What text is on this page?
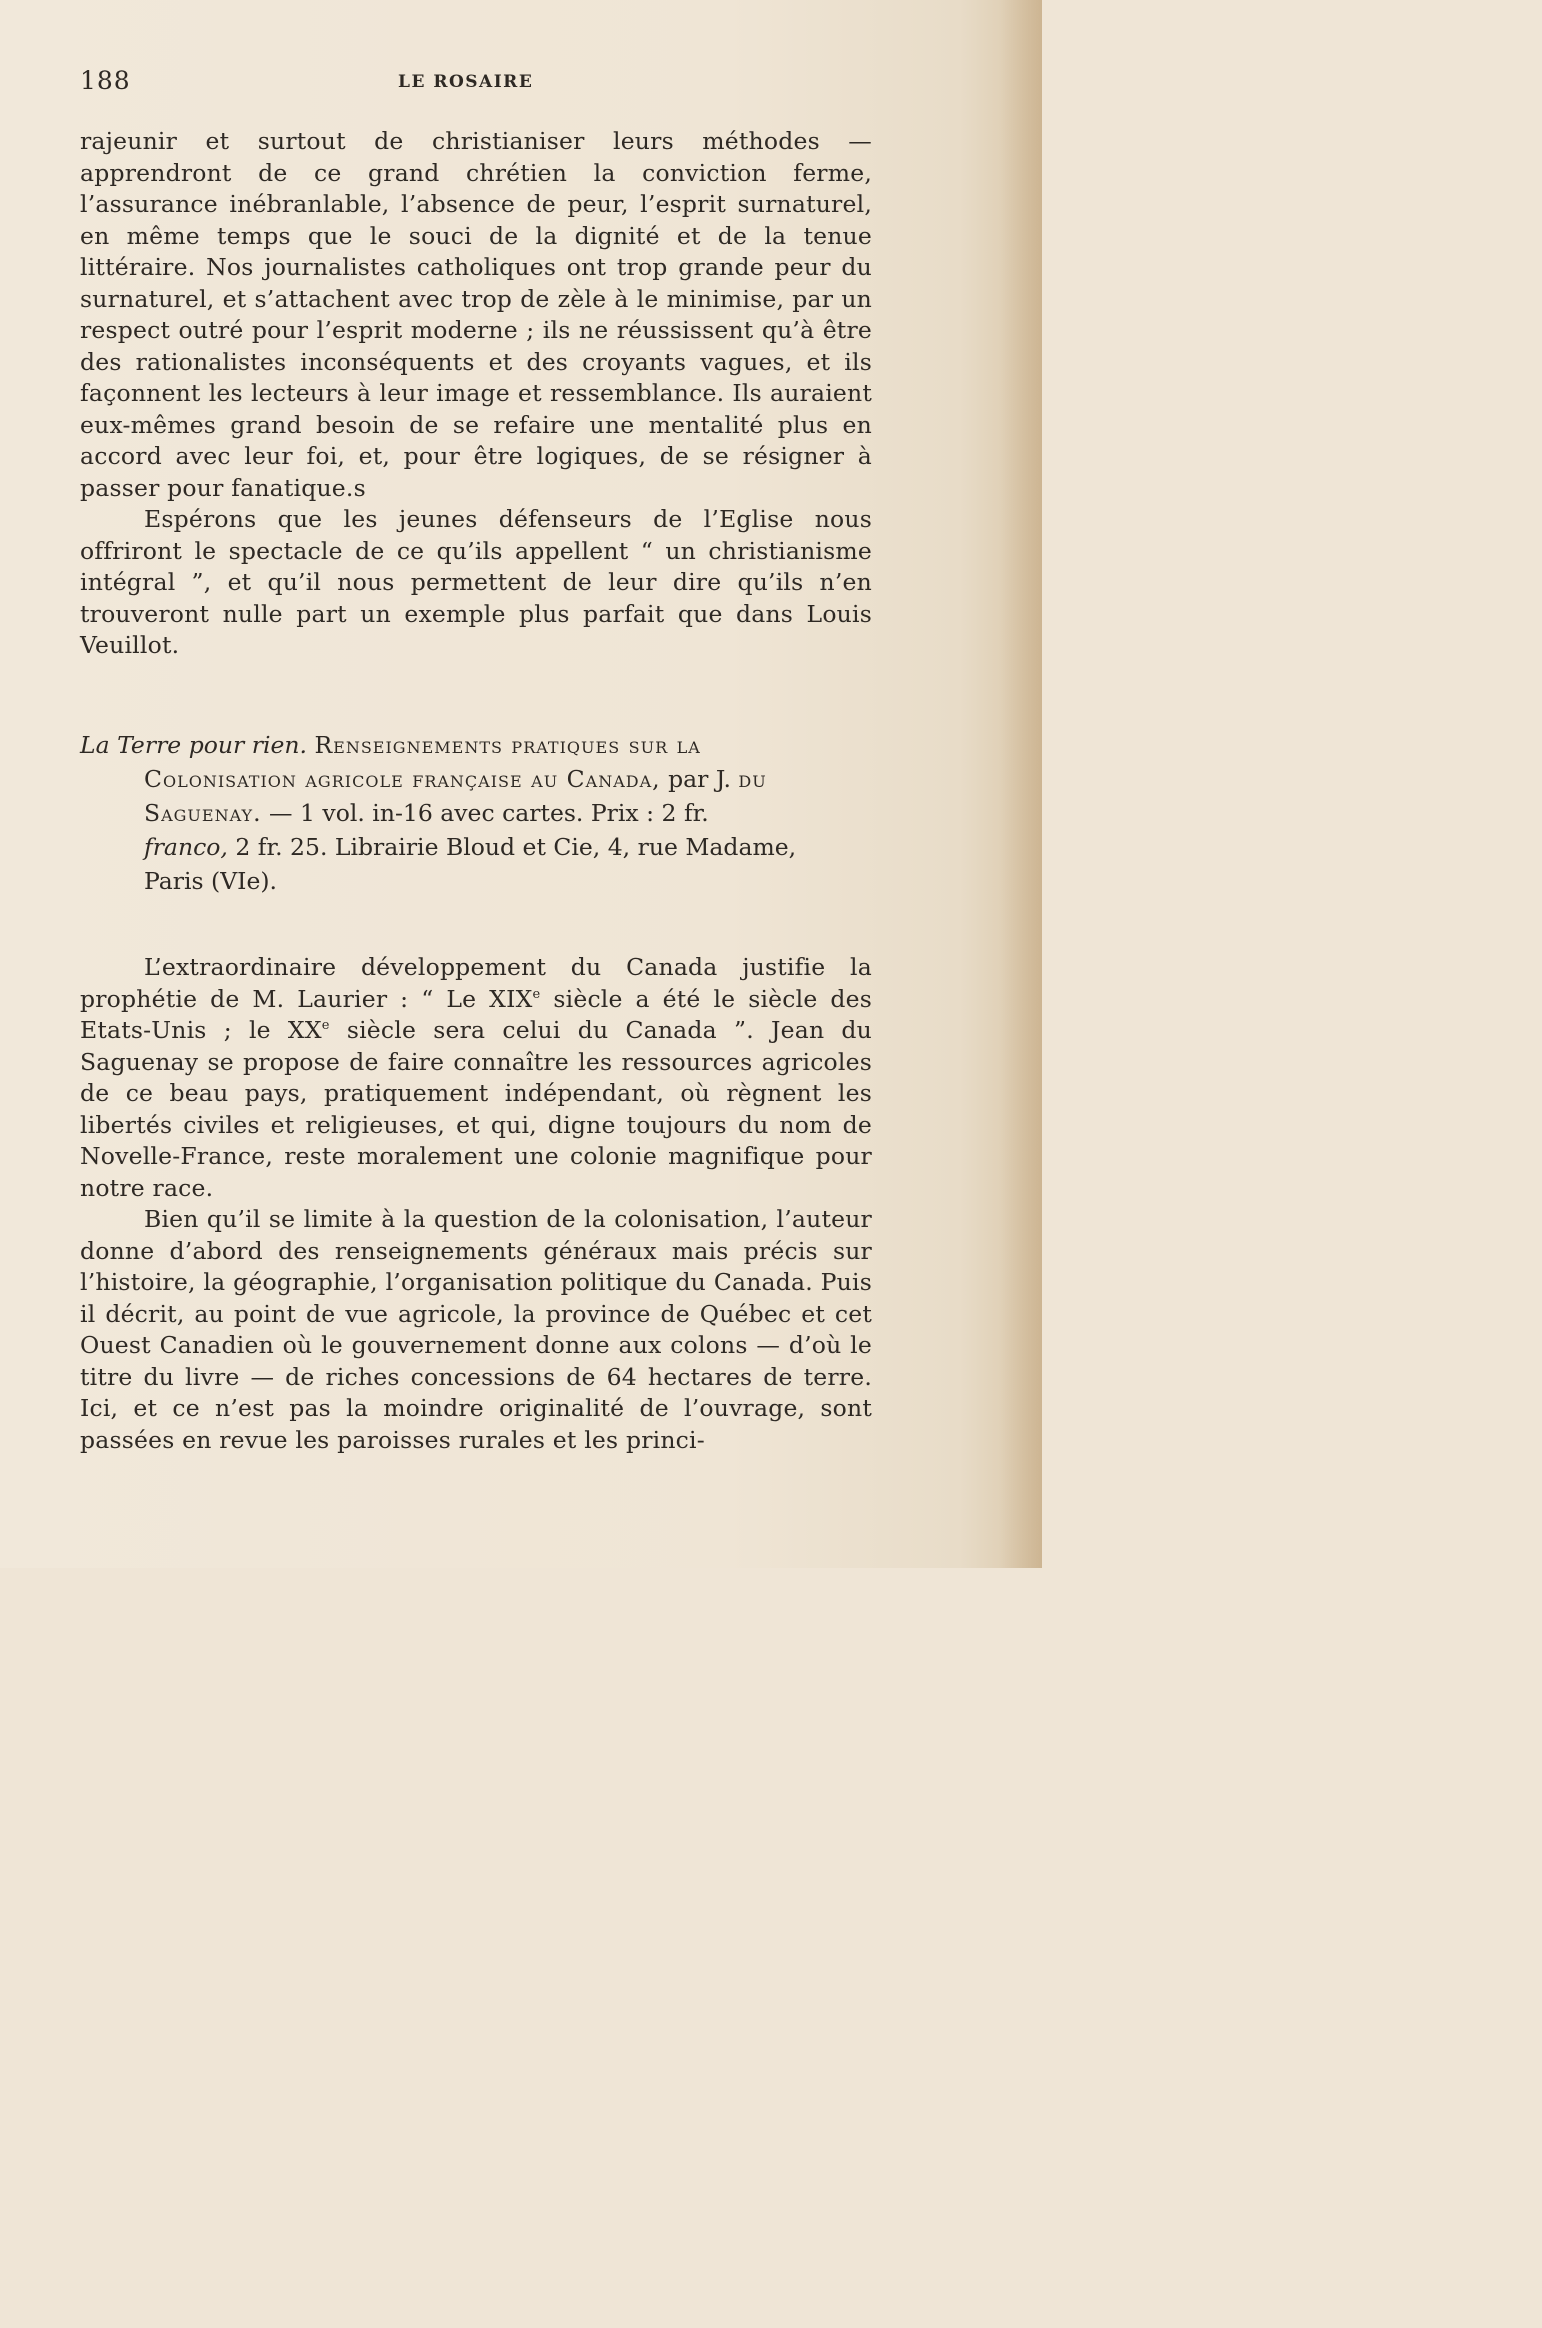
188	LE ROSAIRE

rajeunir et surtout de christianiser leurs méthodes — apprendront de ce grand chrétien la conviction ferme, l’assurance inébranlable, l’absence de peur, l’esprit surnaturel, en même temps que le souci de la dignité et de la tenue littéraire. Nos journalistes catholiques ont trop grande peur du surnaturel, et s’attachent avec trop de zèle à le minimise, par un respect outré pour l’esprit moderne ; ils ne réussissent qu’à être des rationalistes inconséquents et des croyants vagues, et ils façonnent les lecteurs à leur image et ressemblance. Ils auraient eux-mêmes grand besoin de se refaire une mentalité plus en accord avec leur foi, et, pour être logiques, de se résigner à passer pour fanatique.s

Espérons que les jeunes défenseurs de l’Eglise nous offriront le spectacle de ce qu’ils appellent “ un christianisme intégral ”, et qu’il nous permettent de leur dire qu’ils n’en trouveront nulle part un exemple plus parfait que dans Louis Veuillot.

La Terre pour rien. Renseignements pratiques sur la
Colonisation agricole française au Canada, par J. du
Saguenay. — 1 vol. in-16 avec cartes. Prix : 2 fr.
franco, 2 fr. 25. Librairie Bloud et Cie, 4, rue Madame,
Paris (VIe).

L’extraordinaire développement du Canada justifie la prophétie de M. Laurier : “ Le XIXe siècle a été le siècle des Etats-Unis ; le XXe siècle sera celui du Canada ”. Jean du Saguenay se propose de faire connaître les ressources agricoles de ce beau pays, pratiquement indépendant, où règnent les libertés civiles et religieuses, et qui, digne toujours du nom de Novelle-France, reste moralement une colonie magnifique pour notre race.

Bien qu’il se limite à la question de la colonisation, l’auteur donne d’abord des renseignements généraux mais précis sur l’histoire, la géographie, l’organisation politique du Canada. Puis il décrit, au point de vue agricole, la province de Québec et cet Ouest Canadien où le gouvernement donne aux colons — d’où le titre du livre — de riches concessions de 64 hectares de terre. Ici, et ce n’est pas la moindre originalité de l’ouvrage, sont passées en revue les paroisses rurales et les princi-
